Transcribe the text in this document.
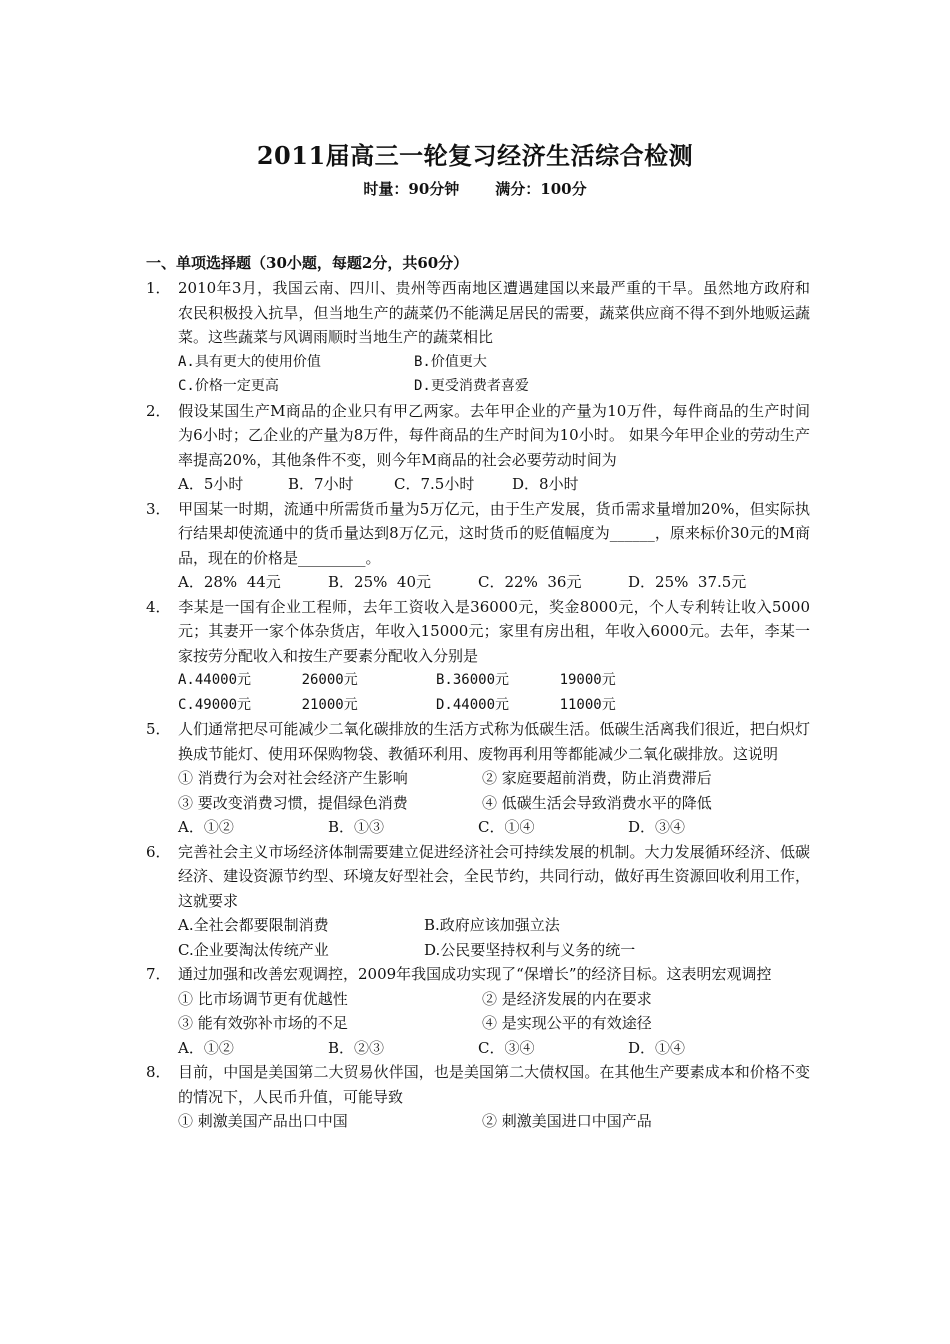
2011届高三一轮复习经济生活综合检测
时量：90分钟 满分：100分
一、单项选择题（30小题，每题2分，共60分）
1． 2010年3月，我国云南、四川、贵州等西南地区遭遇建国以来最严重的干旱。虽然地方政府和农民积极投入抗旱，但当地生产的蔬菜仍不能满足居民的需要，蔬菜供应商不得不到外地贩运蔬菜。这些蔬菜与风调雨顺时当地生产的蔬菜相比
A.具有更大的使用价值	B.价值更大
C.价格一定更高	D.更受消费者喜爱
2． 假设某国生产M商品的企业只有甲乙两家。去年甲企业的产量为10万件，每件商品的生产时间为6小时；乙企业的产量为8万件，每件商品的生产时间为10小时。 如果今年甲企业的劳动生产率提高20%，其他条件不变，则今年M商品的社会必要劳动时间为
A．5小时	B．7小时	C．7.5小时	D．8小时
3． 甲国某一时期，流通中所需货币量为5万亿元，由于生产发展，货币需求量增加20%，但实际执行结果却使流通中的货币量达到8万亿元，这时货币的贬值幅度为______，原来标价30元的M商品，现在的价格是_________。
A．28%  44元	B．25%  40元	C．22%  36元	D．25%  37.5元
4． 李某是一国有企业工程师，去年工资收入是36000元，奖金8000元，个人专利转让收入5000元；其妻开一家个体杂货店，年收入15000元；家里有房出租，年收入6000元。去年，李某一家按劳分配收入和按生产要素分配收入分别是
A.44000元      26000元	B.36000元      19000元
C.49000元      21000元	D.44000元      11000元
5． 人们通常把尽可能减少二氧化碳排放的生活方式称为低碳生活。低碳生活离我们很近，把白炽灯换成节能灯、使用环保购物袋、教循环利用、废物再利用等都能减少二氧化碳排放。这说明
① 消费行为会对社会经济产生影响	② 家庭要超前消费，防止消费滞后
③ 要改变消费习惯，提倡绿色消费	④ 低碳生活会导致消费水平的降低
A．①②	B．①③	C．①④	D．③④
6． 完善社会主义市场经济体制需要建立促进经济社会可持续发展的机制。大力发展循环经济、低碳经济、建设资源节约型、环境友好型社会，全民节约，共同行动，做好再生资源回收利用工作，这就要求
A.全社会都要限制消费	B.政府应该加强立法
C.企业要淘汰传统产业	D.公民要坚持权利与义务的统一
7． 通过加强和改善宏观调控，2009年我国成功实现了“保增长”的经济目标。这表明宏观调控
① 比市场调节更有优越性	② 是经济发展的内在要求
③ 能有效弥补市场的不足	④ 是实现公平的有效途径
A．①②	B．②③	C．③④	D．①④
8． 目前，中国是美国第二大贸易伙伴国，也是美国第二大债权国。在其他生产要素成本和价格不变的情况下，人民币升值，可能导致
① 刺激美国产品出口中国	② 刺激美国进口中国产品
